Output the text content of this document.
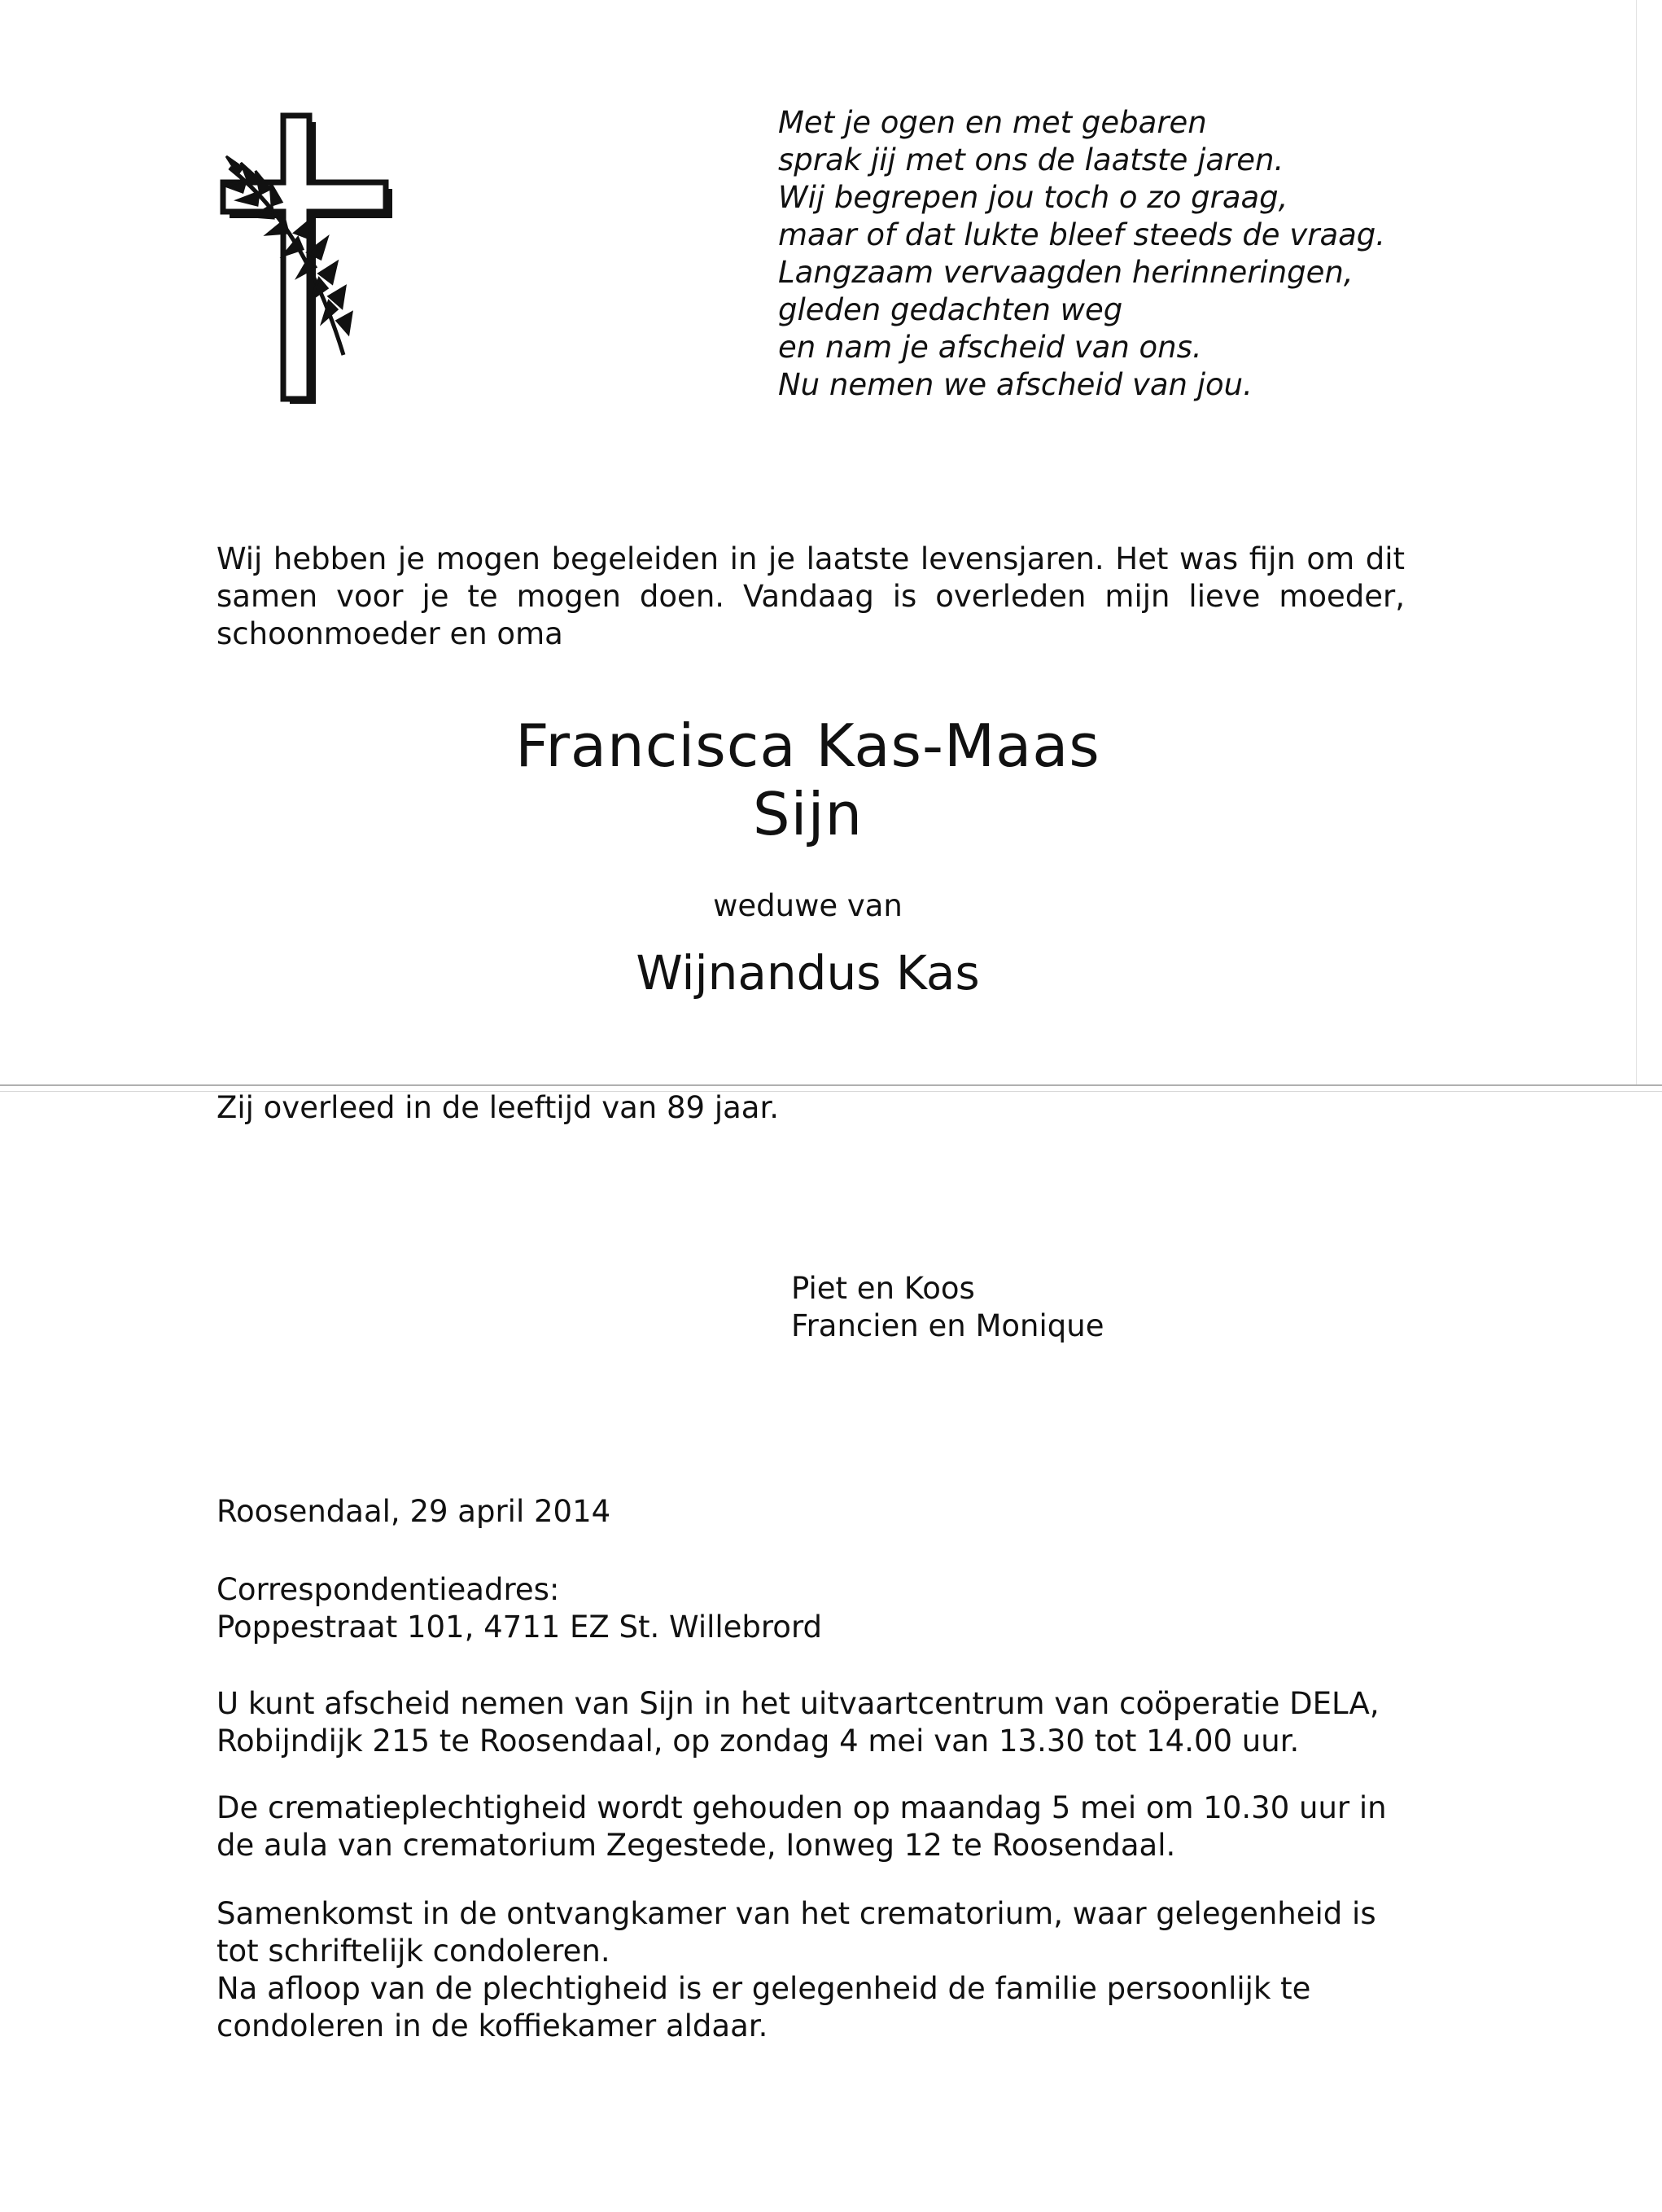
Met je ogen en met gebaren
sprak jij met ons de laatste jaren.
Wij begrepen jou toch o zo graag,
maar of dat lukte bleef steeds de vraag.
Langzaam vervaagden herinneringen,
gleden gedachten weg
en nam je afscheid van ons.
Nu nemen we afscheid van jou.
Wij hebben je mogen begeleiden in je laatste levensjaren. Het was fijn om dit samen voor je te mogen doen. Vandaag is overleden mijn lieve moeder, schoonmoeder en oma
Francisca Kas-Maas
Sijn
weduwe van
Wijnandus Kas
Zij overleed in de leeftijd van 89 jaar.
Piet en Koos
Francien en Monique
Roosendaal, 29 april 2014
Correspondentieadres:
Poppestraat 101, 4711 EZ St. Willebrord
U kunt afscheid nemen van Sijn in het uitvaartcentrum van coöperatie DELA,
Robijndijk 215 te Roosendaal, op zondag 4 mei van 13.30 tot 14.00 uur.
De crematieplechtigheid wordt gehouden op maandag 5 mei om 10.30 uur in
de aula van crematorium Zegestede, Ionweg 12 te Roosendaal.
Samenkomst in de ontvangkamer van het crematorium, waar gelegenheid is
tot schriftelijk condoleren.
Na afloop van de plechtigheid is er gelegenheid de familie persoonlijk te
condoleren in de koffiekamer aldaar.
